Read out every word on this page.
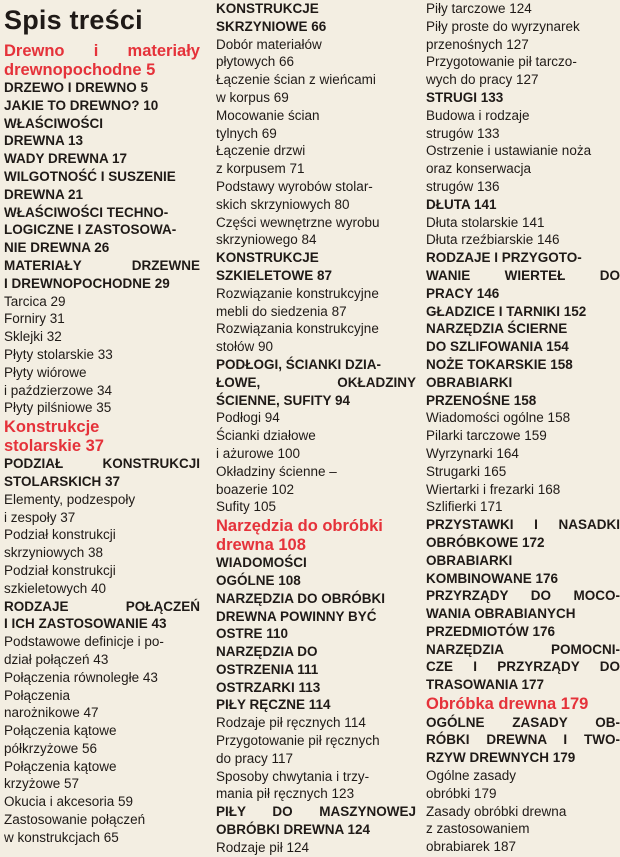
Spis treści
Drewno i materiały
drewnopochodne 5
DRZEWO I DREWNO 5
JAKIE TO DREWNO? 10
WŁAŚCIWOŚCI
DREWNA 13
WADY DREWNA 17
WILGOTNOŚĆ I SUSZENIE
DREWNA 21
WŁAŚCIWOŚCI TECHNO-
LOGICZNE I ZASTOSOWA-
NIE DREWNA 26
MATERIAŁY DRZEWNE
I DREWNOPOCHODNE 29
Tarcica 29
Forniry 31
Sklejki 32
Płyty stolarskie 33
Płyty wiórowe
i paździerzowe 34
Płyty pilśniowe 35
Konstrukcje
stolarskie 37
PODZIAŁ KONSTRUKCJI
STOLARSKICH 37
Elementy, podzespoły
i zespoły 37
Podział konstrukcji
skrzyniowych 38
Podział konstrukcji
szkieletowych 40
RODZAJE POŁĄCZEŃ
I ICH ZASTOSOWANIE 43
Podstawowe definicje i po-
dział połączeń 43
Połączenia równoległe 43
Połączenia
narożnikowe 47
Połączenia kątowe
półkrzyżowe 56
Połączenia kątowe
krzyżowe 57
Okucia i akcesoria 59
Zastosowanie połączeń
w konstrukcjach 65
KONSTRUKCJE
SKRZYNIOWE 66
Dobór materiałów
płytowych 66
Łączenie ścian z wieńcami
w korpus 69
Mocowanie ścian
tylnych 69
Łączenie drzwi
z korpusem 71
Podstawy wyrobów stolar-
skich skrzyniowych 80
Części wewnętrzne wyrobu
skrzyniowego 84
KONSTRUKCJE
SZKIELETOWE 87
Rozwiązanie konstrukcyjne
mebli do siedzenia 87
Rozwiązania konstrukcyjne
stołów 90
PODŁOGI, ŚCIANKI DZIA-
ŁOWE, OKŁADZINY
ŚCIENNE, SUFITY 94
Podłogi 94
Ścianki działowe
i ażurowe 100
Okładziny ścienne –
boazerie 102
Sufity 105
Narzędzia do obróbki
drewna 108
WIADOMOŚCI
OGÓLNE 108
NARZĘDZIA DO OBRÓBKI
DREWNA POWINNY BYĆ
OSTRE 110
NARZĘDZIA DO
OSTRZENIA 111
OSTRZARKI 113
PIŁY RĘCZNE 114
Rodzaje pił ręcznych 114
Przygotowanie pił ręcznych
do pracy 117
Sposoby chwytania i trzy-
mania pił ręcznych 123
PIŁY DO MASZYNOWEJ
OBRÓBKI DREWNA 124
Rodzaje pił 124
Piły tarczowe 124
Piły proste do wyrzynarek
przenośnych 127
Przygotowanie pił tarczo-
wych do pracy 127
STRUGI 133
Budowa i rodzaje
strugów 133
Ostrzenie i ustawianie noża
oraz konserwacja
strugów 136
DŁUTA 141
Dłuta stolarskie 141
Dłuta rzeźbiarskie 146
RODZAJE I PRZYGOTO-
WANIE WIERTEŁ DO
PRACY 146
GŁADZICE I TARNIKI 152
NARZĘDZIA ŚCIERNE
DO SZLIFOWANIA 154
NOŻE TOKARSKIE 158
OBRABIARKI
PRZENOŚNE 158
Wiadomości ogólne 158
Pilarki tarczowe 159
Wyrzynarki 164
Strugarki 165
Wiertarki i frezarki 168
Szlifierki 171
PRZYSTAWKI I NASADKI
OBRÓBKOWE 172
OBRABIARKI
KOMBINOWANE 176
PRZYRZĄDY DO MOCO-
WANIA OBRABIANYCH
PRZEDMIOTÓW 176
NARZĘDZIA POMOCNI-
CZE I PRZYRZĄDY DO
TRASOWANIA 177
Obróbka drewna 179
OGÓLNE ZASADY OB-
RÓBKI DREWNA I TWO-
RZYW DREWNYCH 179
Ogólne zasady
obróbki 179
Zasady obróbki drewna
z zastosowaniem
obrabiarek 187
